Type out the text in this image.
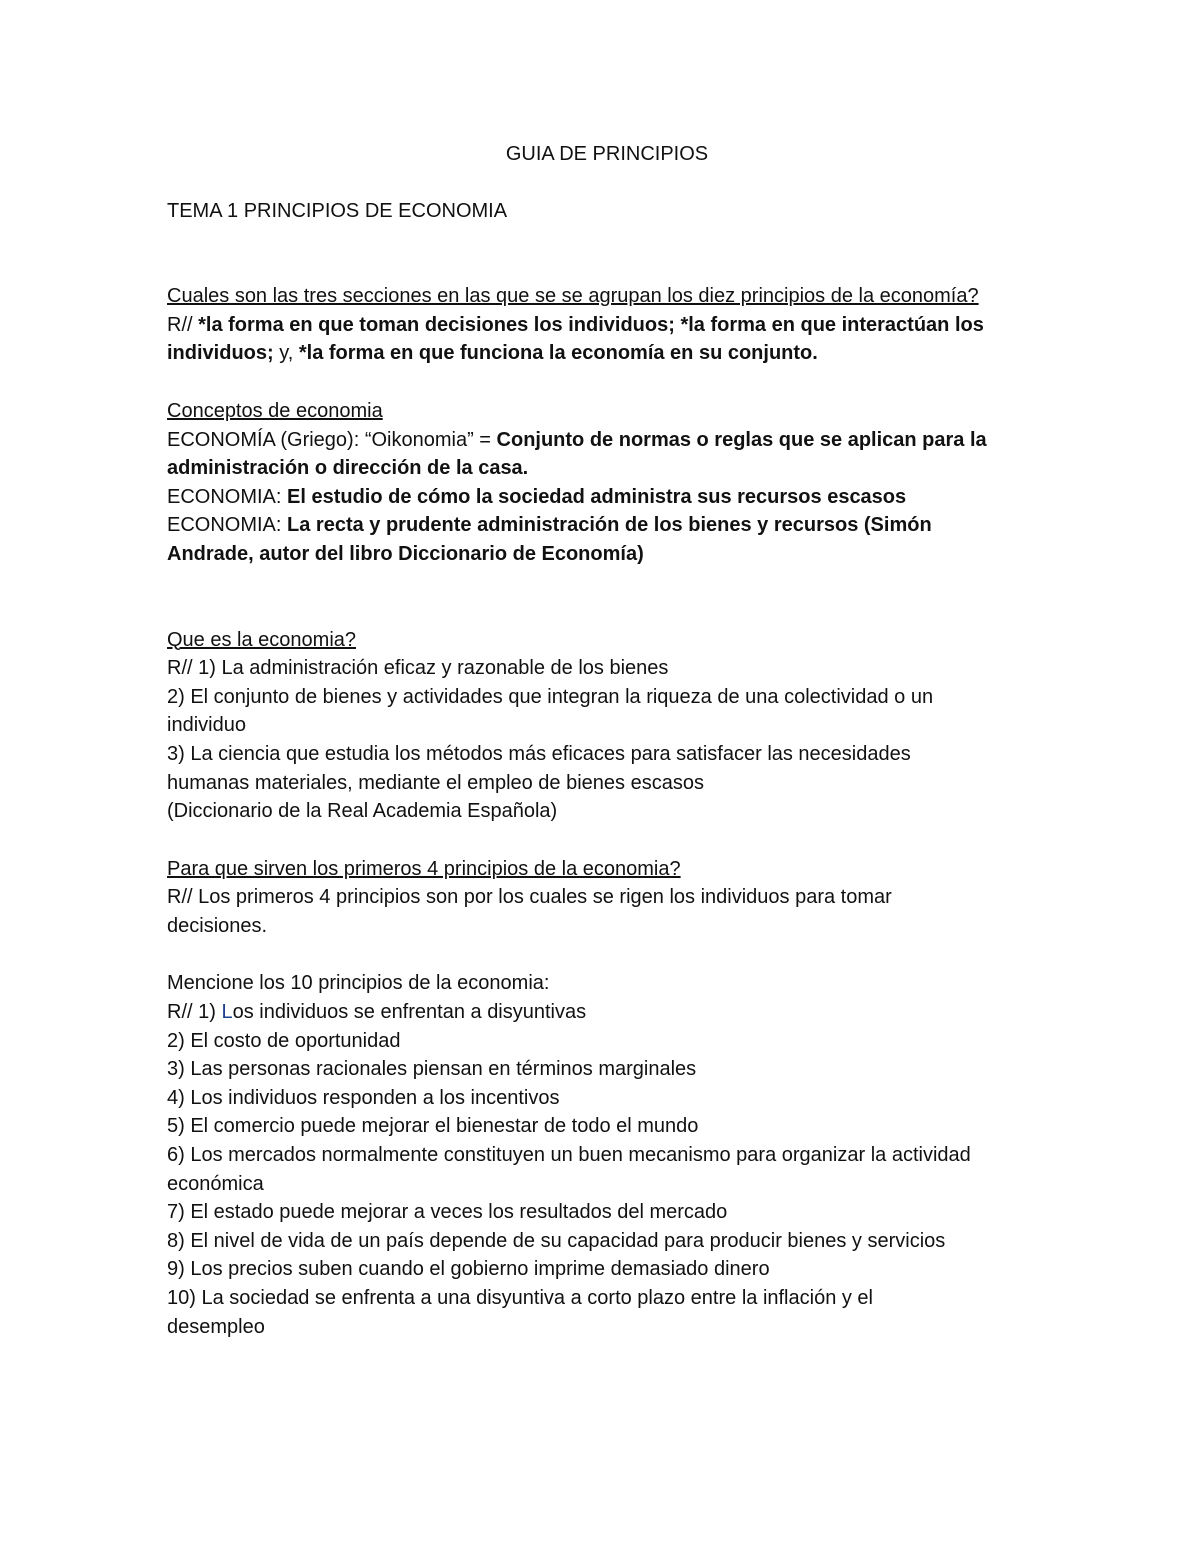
GUIA DE PRINCIPIOS
TEMA 1 PRINCIPIOS DE ECONOMIA
Cuales son las tres secciones en las que se se agrupan los diez principios de la economía?
R// *la forma en que toman decisiones los individuos; *la forma en que interactúan los
individuos; y, *la forma en que funciona la economía en su conjunto.
Conceptos de economia
ECONOMÍA (Griego): “Oikonomia” = Conjunto de normas o reglas que se aplican para la
administración o dirección de la casa.
ECONOMIA: El estudio de cómo la sociedad administra sus recursos escasos
ECONOMIA: La recta y prudente administración de los bienes y recursos (Simón
Andrade, autor del libro Diccionario de Economía)
Que es la economia?
R// 1) La administración eficaz y razonable de los bienes
2) El conjunto de bienes y actividades que integran la riqueza de una colectividad o un
individuo
3) La ciencia que estudia los métodos más eficaces para satisfacer las necesidades
humanas materiales, mediante el empleo de bienes escasos
(Diccionario de la Real Academia Española)
Para que sirven los primeros 4 principios de la economia?
R// Los primeros 4 principios son por los cuales se rigen los individuos para tomar
decisiones.
Mencione los 10 principios de la economia:
R// 1) Los individuos se enfrentan a disyuntivas
2) El costo de oportunidad
3) Las personas racionales piensan en términos marginales
4) Los individuos responden a los incentivos
5) El comercio puede mejorar el bienestar de todo el mundo
6) Los mercados normalmente constituyen un buen mecanismo para organizar la actividad
económica
7) El estado puede mejorar a veces los resultados del mercado
8) El nivel de vida de un país depende de su capacidad para producir bienes y servicios
9) Los precios suben cuando el gobierno imprime demasiado dinero
10) La sociedad se enfrenta a una disyuntiva a corto plazo entre la inflación y el
desempleo
